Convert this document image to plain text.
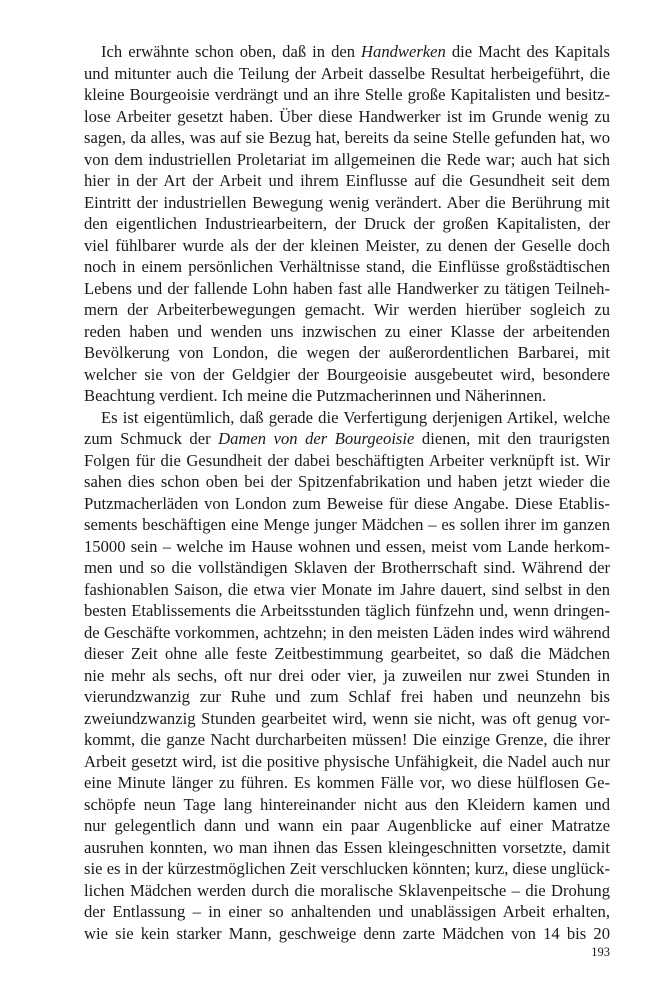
Ich erwähnte schon oben, daß in den Handwerken die Macht des Kapitals
und mitunter auch die Teilung der Arbeit dasselbe Resultat herbeigeführt, die
kleine Bourgeoisie verdrängt und an ihre Stelle große Kapitalisten und besitz-
lose Arbeiter gesetzt haben. Über diese Handwerker ist im Grunde wenig zu
sagen, da alles, was auf sie Bezug hat, bereits da seine Stelle gefunden hat, wo
von dem industriellen Proletariat im allgemeinen die Rede war; auch hat sich
hier in der Art der Arbeit und ihrem Einflusse auf die Gesundheit seit dem
Eintritt der industriellen Bewegung wenig verändert. Aber die Berührung mit
den eigentlichen Industriearbeitern, der Druck der großen Kapitalisten, der
viel fühlbarer wurde als der der kleinen Meister, zu denen der Geselle doch
noch in einem persönlichen Verhältnisse stand, die Einflüsse großstädtischen
Lebens und der fallende Lohn haben fast alle Handwerker zu tätigen Teilneh-
mern der Arbeiterbewegungen gemacht. Wir werden hierüber sogleich zu
reden haben und wenden uns inzwischen zu einer Klasse der arbeitenden
Bevölkerung von London, die wegen der außerordentlichen Barbarei, mit
welcher sie von der Geldgier der Bourgeoisie ausgebeutet wird, besondere
Beachtung verdient. Ich meine die Putzmacherinnen und Näherinnen.
Es ist eigentümlich, daß gerade die Verfertigung derjenigen Artikel, welche
zum Schmuck der Damen von der Bourgeoisie dienen, mit den traurigsten
Folgen für die Gesundheit der dabei beschäftigten Arbeiter verknüpft ist. Wir
sahen dies schon oben bei der Spitzenfabrikation und haben jetzt wieder die
Putzmacherläden von London zum Beweise für diese Angabe. Diese Etablis-
sements beschäftigen eine Menge junger Mädchen – es sollen ihrer im ganzen
15000 sein – welche im Hause wohnen und essen, meist vom Lande herkom-
men und so die vollständigen Sklaven der Brotherrschaft sind. Während der
fashionablen Saison, die etwa vier Monate im Jahre dauert, sind selbst in den
besten Etablissements die Arbeitsstunden täglich fünfzehn und, wenn dringen-
de Geschäfte vorkommen, achtzehn; in den meisten Läden indes wird während
dieser Zeit ohne alle feste Zeitbestimmung gearbeitet, so daß die Mädchen
nie mehr als sechs, oft nur drei oder vier, ja zuweilen nur zwei Stunden in
vierundzwanzig zur Ruhe und zum Schlaf frei haben und neunzehn bis
zweiundzwanzig Stunden gearbeitet wird, wenn sie nicht, was oft genug vor-
kommt, die ganze Nacht durcharbeiten müssen! Die einzige Grenze, die ihrer
Arbeit gesetzt wird, ist die positive physische Unfähigkeit, die Nadel auch nur
eine Minute länger zu führen. Es kommen Fälle vor, wo diese hülflosen Ge-
schöpfe neun Tage lang hintereinander nicht aus den Kleidern kamen und
nur gelegentlich dann und wann ein paar Augenblicke auf einer Matratze
ausruhen konnten, wo man ihnen das Essen kleingeschnitten vorsetzte, damit
sie es in der kürzestmöglichen Zeit verschlucken könnten; kurz, diese unglück-
lichen Mädchen werden durch die moralische Sklavenpeitsche – die Drohung
der Entlassung – in einer so anhaltenden und unablässigen Arbeit erhalten,
wie sie kein starker Mann, geschweige denn zarte Mädchen von 14 bis 20
193
